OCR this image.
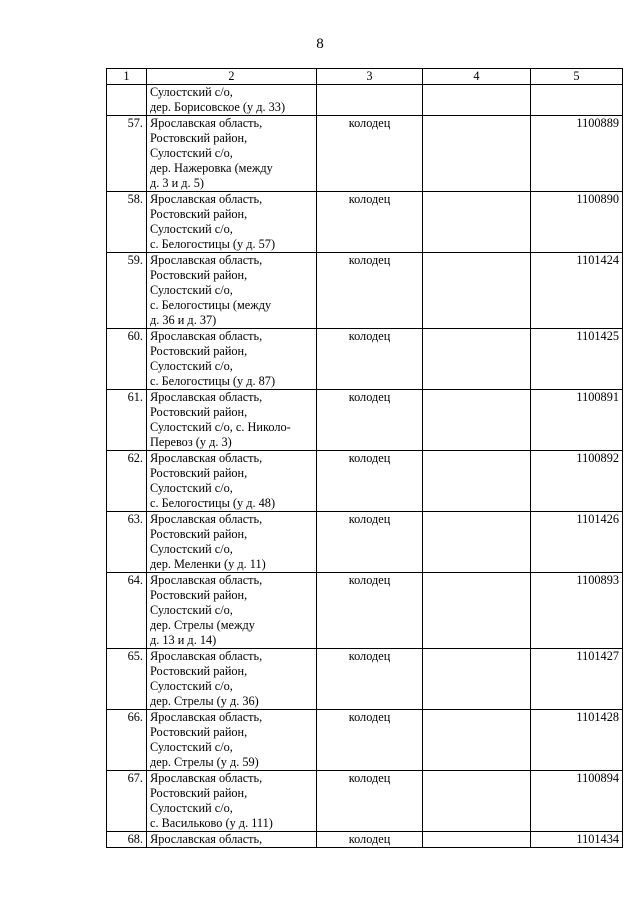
8
1	2	3	4	5
	Сулостский с/о,
дер. Борисовское (у д. 33)			
57.	Ярославская область,
Ростовский район,
Сулостский с/о,
дер. Нажеровка (между
д. 3 и д. 5)	колодец		1100889
58.	Ярославская область,
Ростовский район,
Сулостский с/о,
с. Белогостицы (у д. 57)	колодец		1100890
59.	Ярославская область,
Ростовский район,
Сулостский с/о,
с. Белогостицы (между
д. 36 и д. 37)	колодец		1101424
60.	Ярославская область,
Ростовский район,
Сулостский с/о,
с. Белогостицы (у д. 87)	колодец		1101425
61.	Ярославская область,
Ростовский район,
Сулостский с/о, с. Николо-
Перевоз (у д. 3)	колодец		1100891
62.	Ярославская область,
Ростовский район,
Сулостский с/о,
с. Белогостицы (у д. 48)	колодец		1100892
63.	Ярославская область,
Ростовский район,
Сулостский с/о,
дер. Меленки (у д. 11)	колодец		1101426
64.	Ярославская область,
Ростовский район,
Сулостский с/о,
дер. Стрелы (между
д. 13 и д. 14)	колодец		1100893
65.	Ярославская область,
Ростовский район,
Сулостский с/о,
дер. Стрелы (у д. 36)	колодец		1101427
66.	Ярославская область,
Ростовский район,
Сулостский с/о,
дер. Стрелы (у д. 59)	колодец		1101428
67.	Ярославская область,
Ростовский район,
Сулостский с/о,
с. Васильково (у д. 111)	колодец		1100894
68.	Ярославская область,	колодец		1101434
